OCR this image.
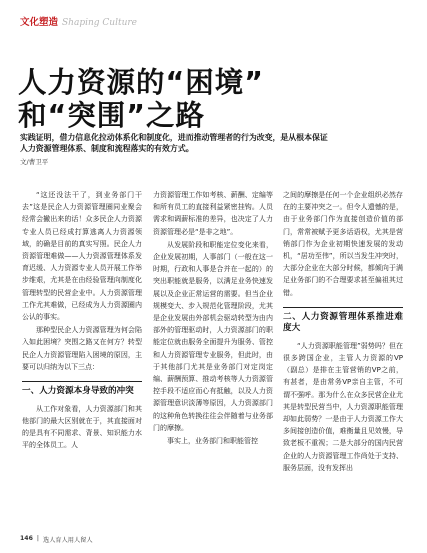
文化塑造 Shaping Culture
人力资源的“困境”
和“突围”之路
实践证明，借力信息化拉动体系化和制度化，进而推动管理者的行为改变，是从根本保证
人力资源管理体系、制度和流程落实的有效方式。
文/曹卫平

“这还没法干了，到业务部门干去”这是民企人力资源管理圈同业聚会经常会撇出来的话！众多民企人力资源专业人员已经成打算逃离人力资源领域，的确是目前的真实写照。民企人力资源管理难做——人力资源管理体系发育迟缓、人力资源专业人员开展工作举步维艰，尤其是在由经验管理向制度化管理转型的民营企业中。人力资源管理工作尤其难做，已经成为人力资源圈内公认的事实。

那种型民企人力资源管理为何会陷入如此困境？突围之路又在何方？转型民企人力资源管理陷入困境的原因，主要可以归纳为以下三点：

一、人力资源本身导致的冲突

从工作对象看，人力资源部门和其他部门的最大区别就在于，其直接面对的是具有不同需求、背景、知识能力水平的全体员工。人

力资源管理工作如考核、薪酬、定编等和所有员工的直接利益紧密挂钩。人员需求和调薪标准的差异，也决定了人力资源管理必是“是非之地”。

从发展阶段和职能定位变化来看，企业发展初期，人事部门（一般在这一时期，行政和人事是合并在一起的）的突出职能就是服务，以满足业务快速发展以及企业正常运营的需要。但当企业规模变大、步入规范化管理阶段，尤其是企业发展由外部机会驱动转型为由内部外的管理驱动时，人力资源部门的职能定位就由服务全面提升为服务、管控和人力资源管理专业服务，但此时，由于其他部门尤其是业务部门对定岗定编、薪酬预算、推动考核等人力资源管控手段不适应而心有抵触，以及人力资源管理意识淡薄等原因，人力资源部门的这种角色转换往往会伴随着与业务部门的摩擦。

事实上，业务部门和职能管控

之间的摩擦是任何一个企业组织必然存在的主要冲突之一。但令人遗憾的是，由于业务部门作为直接创造价值的部门，常常被赋予更多话语权，尤其是营销部门作为企业初期快速发展的发动机，“居功至伟”，所以当发生冲突时，大部分企业在大部分时候，都倾向于满足业务部门的不合理要求甚至偏祖其过错。

二、人力资源管理体系推进难度大

“人力资源职能管理”弱势吗？但在很多跨国企业，主管人力资源的VP（副总）是排在主管营销的VP之前，有甚者，是由常务VP亲自主管，不可谓不强呼。那为什么在众多民营企业尤其是转型民营当中，人力资源职能管理却如此弱势？一是由于人力资源工作大多间接创造价值，难衡量且见效慢，导致老板不重视；二是大部分的国内民营企业的人力资源管理工作尚处于支持、服务层面，没有发挥出

146 | 选人育人用人留人
